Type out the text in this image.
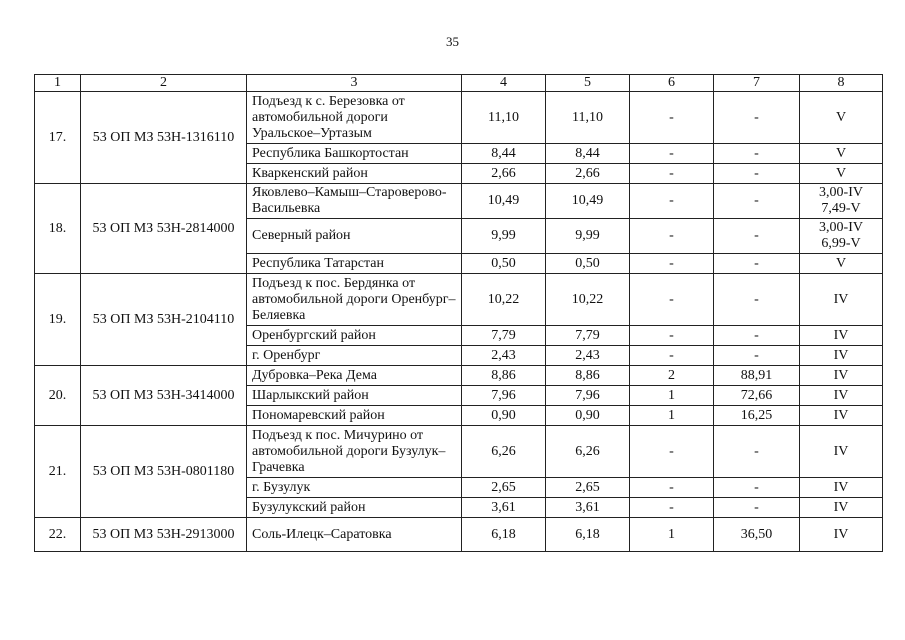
35
1	2	3	4	5	6	7	8
17.	53 ОП МЗ 53Н-1316110	Подъезд к с. Березовка от автомобильной дороги Уральское–Уртазым	11,10	11,10	-	-	V

		Республика Башкортостан	8,44	8,44	-	-	V

		Кваркенский район	2,66	2,66	-	-	V

18.	53 ОП МЗ 53Н-2814000	Яковлево–Камыш–Староверово-Васильевка	10,49	10,49	-	-	3,00-IV
7,49-V

		Северный район	9,99	9,99	-	-	3,00-IV
6,99-V

		Республика Татарстан	0,50	0,50	-	-	V

19.	53 ОП МЗ 53Н-2104110	Подъезд к пос. Бердянка от автомобильной дороги Оренбург–Беляевка	10,22	10,22	-	-	IV

		Оренбургский район	7,79	7,79	-	-	IV

		г. Оренбург	2,43	2,43	-	-	IV

20.	53 ОП МЗ 53Н-3414000	Дубровка–Река Дема	8,86	8,86	2	88,91	IV

		Шарлыкский район	7,96	7,96	1	72,66	IV

		Пономаревский район	0,90	0,90	1	16,25	IV

21.	53 ОП МЗ 53Н-0801180	Подъезд к пос. Мичурино от автомобильной дороги Бузулук–Грачевка	6,26	6,26	-	-	IV

		г. Бузулук	2,65	2,65	-	-	IV

		Бузулукский район	3,61	3,61	-	-	IV

22.	53 ОП МЗ 53Н-2913000	Соль-Илецк–Саратовка	6,18	6,18	1	36,50	IV
